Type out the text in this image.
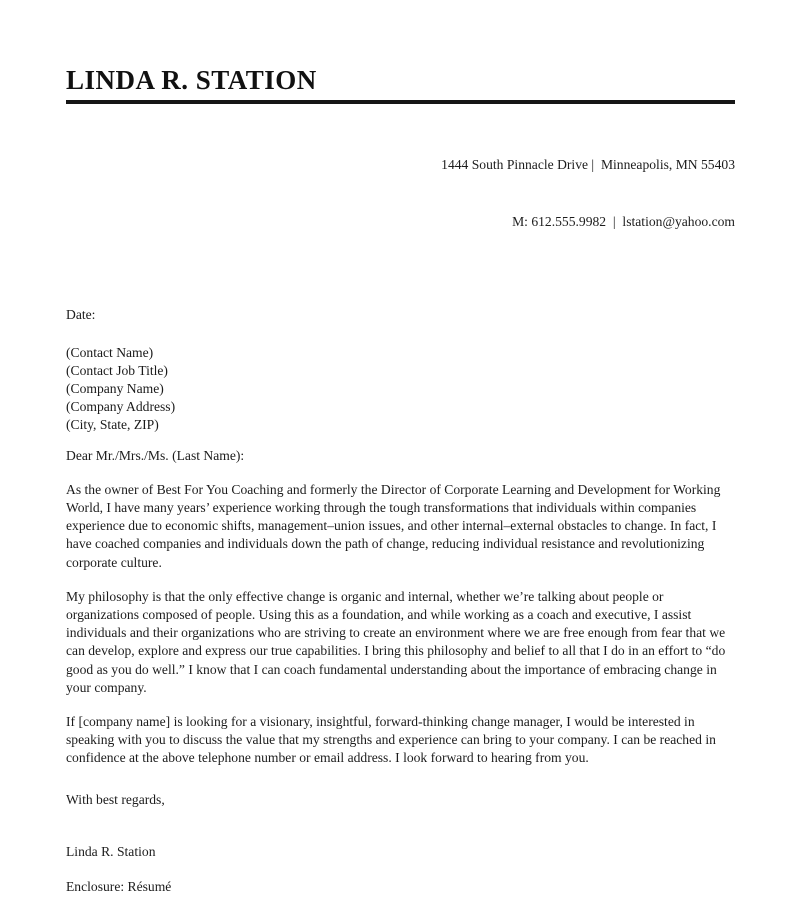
LINDA R. STATION

1444 South Pinnacle Drive |  Minneapolis, MN 55403

M: 612.555.9982  |  lstation@yahoo.com

Date:

(Contact Name)
(Contact Job Title)
(Company Name)
(Company Address)
(City, State, ZIP)

Dear Mr./Mrs./Ms. (Last Name):

As the owner of Best For You Coaching and formerly the Director of Corporate Learning and Development for Working World, I have many years’ experience working through the tough transformations that individuals within companies experience due to economic shifts, management–union issues, and other internal–external obstacles to change. In fact, I have coached companies and individuals down the path of change, reducing individual resistance and revolutionizing corporate culture.

My philosophy is that the only effective change is organic and internal, whether we’re talking about people or organizations composed of people. Using this as a foundation, and while working as a coach and executive, I assist individuals and their organizations who are striving to create an environment where we are free enough from fear that we can develop, explore and express our true capabilities. I bring this philosophy and belief to all that I do in an effort to “do good as you do well.” I know that I can coach fundamental understanding about the importance of embracing change in your company.

If [company name] is looking for a visionary, insightful, forward-thinking change manager, I would be interested in speaking with you to discuss the value that my strengths and experience can bring to your company. I can be reached in confidence at the above telephone number or email address. I look forward to hearing from you.

With best regards,

Linda R. Station

Enclosure: Résumé
